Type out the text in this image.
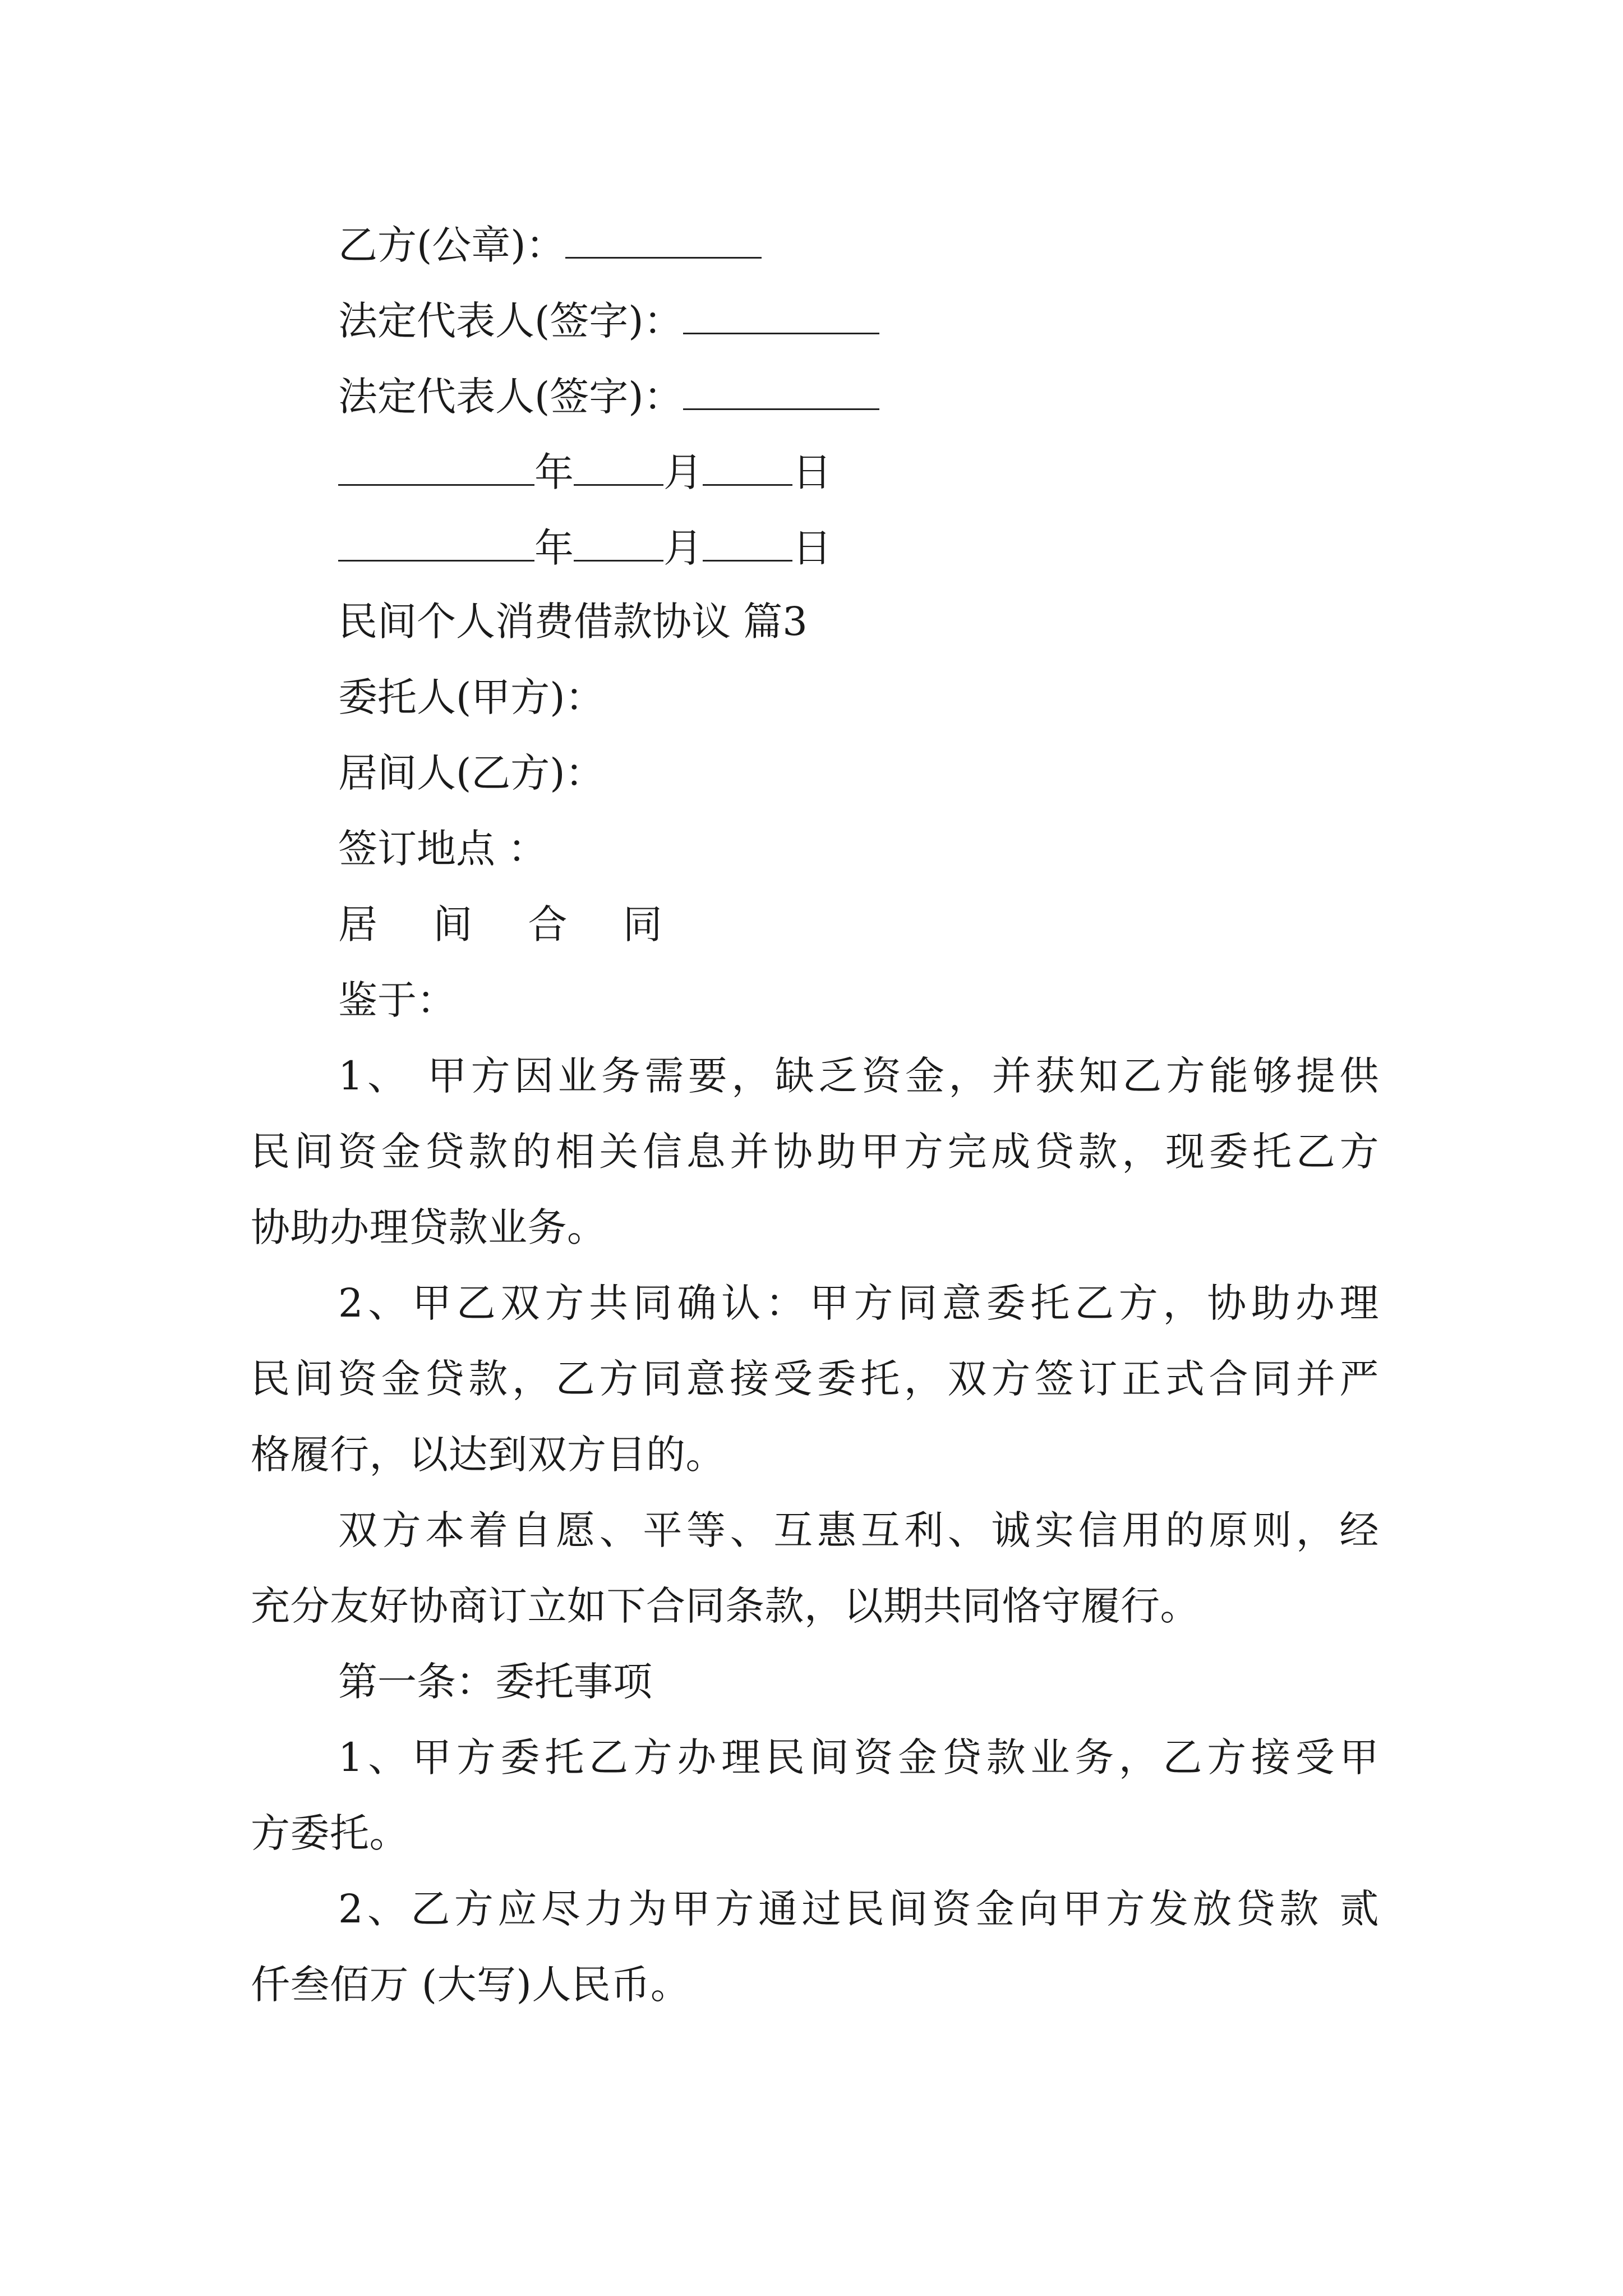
乙方(公章)：
法定代表人(签字)：
法定代表人(签字)：
年 月 日
年 月 日
民间个人消费借款协议 篇3
委托人(甲方)：
居间人(乙方)：
签订地点 ：
居 间 合 同
鉴于：
1、 甲方因业务需要，缺乏资金，并获知乙方能够提供
民间资金贷款的相关信息并协助甲方完成贷款，现委托乙方
协助办理贷款业务。
2、甲乙双方共同确认：甲方同意委托乙方，协助办理
民间资金贷款，乙方同意接受委托，双方签订正式合同并严
格履行，以达到双方目的。
双方本着自愿、平等、互惠互利、诚实信用的原则，经
充分友好协商订立如下合同条款，以期共同恪守履行。
第一条：委托事项
1、甲方委托乙方办理民间资金贷款业务，乙方接受甲
方委托。
2、乙方应尽力为甲方通过民间资金向甲方发放贷款 贰
仟叁佰万 (大写)人民币。
